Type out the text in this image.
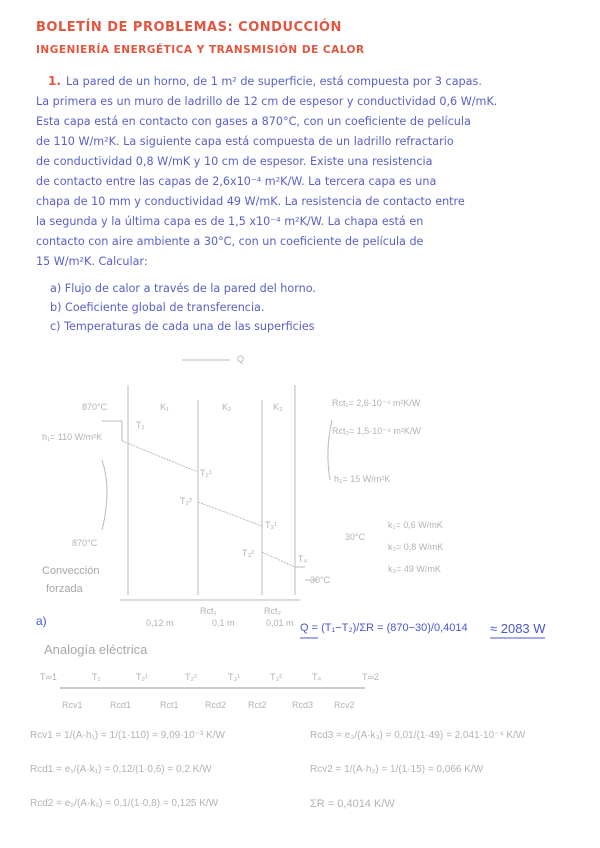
BOLETÍN DE PROBLEMAS: CONDUCCIÓN
INGENIERÍA ENERGÉTICA Y TRANSMISIÓN DE CALOR
1. La pared de un horno, de 1 m² de superficie, está compuesta por 3 capas.
La primera es un muro de ladrillo de 12 cm de espesor y conductividad 0,6 W/mK.
Esta capa está en contacto con gases a 870°C, con un coeficiente de película
de 110 W/m²K. La siguiente capa está compuesta de un ladrillo refractario
de conductividad 0,8 W/mK y 10 cm de espesor. Existe una resistencia
de contacto entre las capas de 2,6x10⁻⁴ m²K/W. La tercera capa es una
chapa de 10 mm y conductividad 49 W/mK. La resistencia de contacto entre
la segunda y la última capa es de 1,5 x10⁻⁴ m²K/W. La chapa está en
contacto con aire ambiente a 30°C, con un coeficiente de película de
15 W/m²K. Calcular:
a) Flujo de calor a través de la pared del horno.
b) Coeficiente global de transferencia.
c) Temperaturas de cada una de las superficies
Q
870°C	K₁	K₂	K₃
T₁
h₁= 110 W/m²K
T₂¹
T₂²
T₃¹
T₃²
T₄
30°C
870°C
Convección
forzada
Rct₁	Rct₂
0,12 m	0,1 m	0,01 m
Rct₁= 2,6·10⁻⁴ m²K/W
Rct₂= 1,5·10⁻⁴ m²K/W
h₂= 15 W/m²K
30°C
k₁= 0,6 W/mK
k₂= 0,8 W/mK
k₃= 49 W/mK
a)	Q = (T₁−T₂)/ΣR = (870−30)/0,4014 ≈ 2083 W
Analogía eléctrica
T∞1	T₁	T₂¹	T₂²	T₃¹	T₃²	T₄	T∞2
Rcv1	Rcd1	Rct1	Rcd2 Rct2	Rcd3 Rcv2
Rcv1 = 1/(A·h₁) = 1/(1·110) = 9,09·10⁻³ K/W	Rcd3 = e₃/(A·k₃) = 0,01/(1·49) = 2,041·10⁻⁴ K/W
Rcd1 = e₁/(A·k₁) = 0,12/(1·0,6) = 0,2 K/W	Rcv2 = 1/(A·h₂) = 1/(1·15) = 0,066 K/W
Rcd2 = e₂/(A·k₂) = 0,1/(1·0,8) = 0,125 K/W	ΣR = 0,4014 K/W
